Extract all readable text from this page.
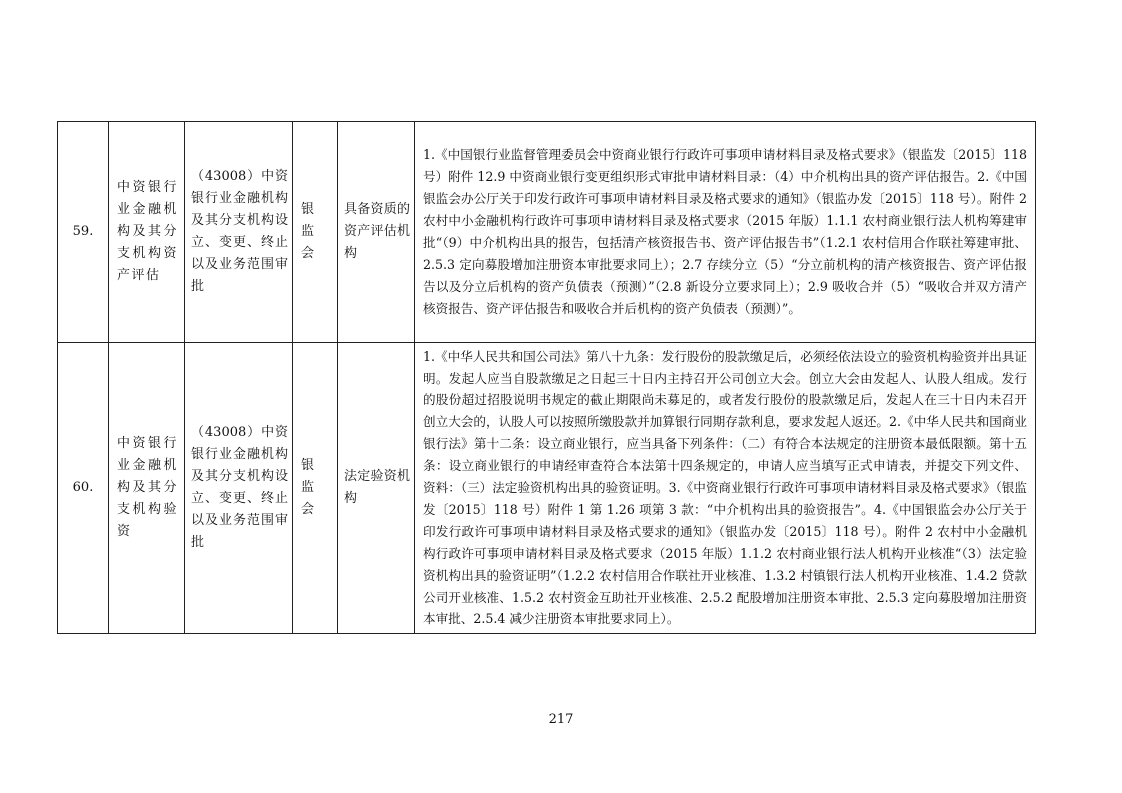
59.	中资银行业金融机构及其分支机构资产评估	（43008）中资银行业金融机构及其分支机构设立、变更、终止以及业务范围审批	银监会	具备资质的资产评估机构	1.《中国银行业监督管理委员会中资商业银行行政许可事项申请材料目录及格式要求》（银监发〔2015〕118 号）附件 12.9 中资商业银行变更组织形式审批申请材料目录：（4）中介机构出具的资产评估报告。2.《中国银监会办公厅关于印发行政许可事项申请材料目录及格式要求的通知》（银监办发〔2015〕118 号）。附件 2 农村中小金融机构行政许可事项申请材料目录及格式要求（2015 年版）1.1.1 农村商业银行法人机构筹建审批“（9）中介机构出具的报告，包括清产核资报告书、资产评估报告书”（1.2.1 农村信用合作联社筹建审批、2.5.3 定向募股增加注册资本审批要求同上）；2.7 存续分立（5）“分立前机构的清产核资报告、资产评估报告以及分立后机构的资产负债表（预测）”（2.8 新设分立要求同上）；2.9 吸收合并（5）“吸收合并双方清产核资报告、资产评估报告和吸收合并后机构的资产负债表（预测）”。

60.	中资银行业金融机构及其分支机构验资	（43008）中资银行业金融机构及其分支机构设立、变更、终止以及业务范围审批	银监会	法定验资机构	1.《中华人民共和国公司法》第八十九条：发行股份的股款缴足后，必须经依法设立的验资机构验资并出具证明。发起人应当自股款缴足之日起三十日内主持召开公司创立大会。创立大会由发起人、认股人组成。发行的股份超过招股说明书规定的截止期限尚未募足的，或者发行股份的股款缴足后，发起人在三十日内未召开创立大会的，认股人可以按照所缴股款并加算银行同期存款利息，要求发起人返还。2.《中华人民共和国商业银行法》第十二条：设立商业银行，应当具备下列条件：（二）有符合本法规定的注册资本最低限额。第十五条：设立商业银行的申请经审查符合本法第十四条规定的，申请人应当填写正式申请表，并提交下列文件、资料：（三）法定验资机构出具的验资证明。3.《中资商业银行行政许可事项申请材料目录及格式要求》（银监发〔2015〕118 号）附件 1 第 1.26 项第 3 款：“中介机构出具的验资报告”。4.《中国银监会办公厅关于印发行政许可事项申请材料目录及格式要求的通知》（银监办发〔2015〕118 号）。附件 2 农村中小金融机构行政许可事项申请材料目录及格式要求（2015 年版）1.1.2 农村商业银行法人机构开业核准“（3）法定验资机构出具的验资证明”（1.2.2 农村信用合作联社开业核准、1.3.2 村镇银行法人机构开业核准、1.4.2 贷款公司开业核准、1.5.2 农村资金互助社开业核准、2.5.2 配股增加注册资本审批、2.5.3 定向募股增加注册资本审批、2.5.4 减少注册资本审批要求同上）。
217
